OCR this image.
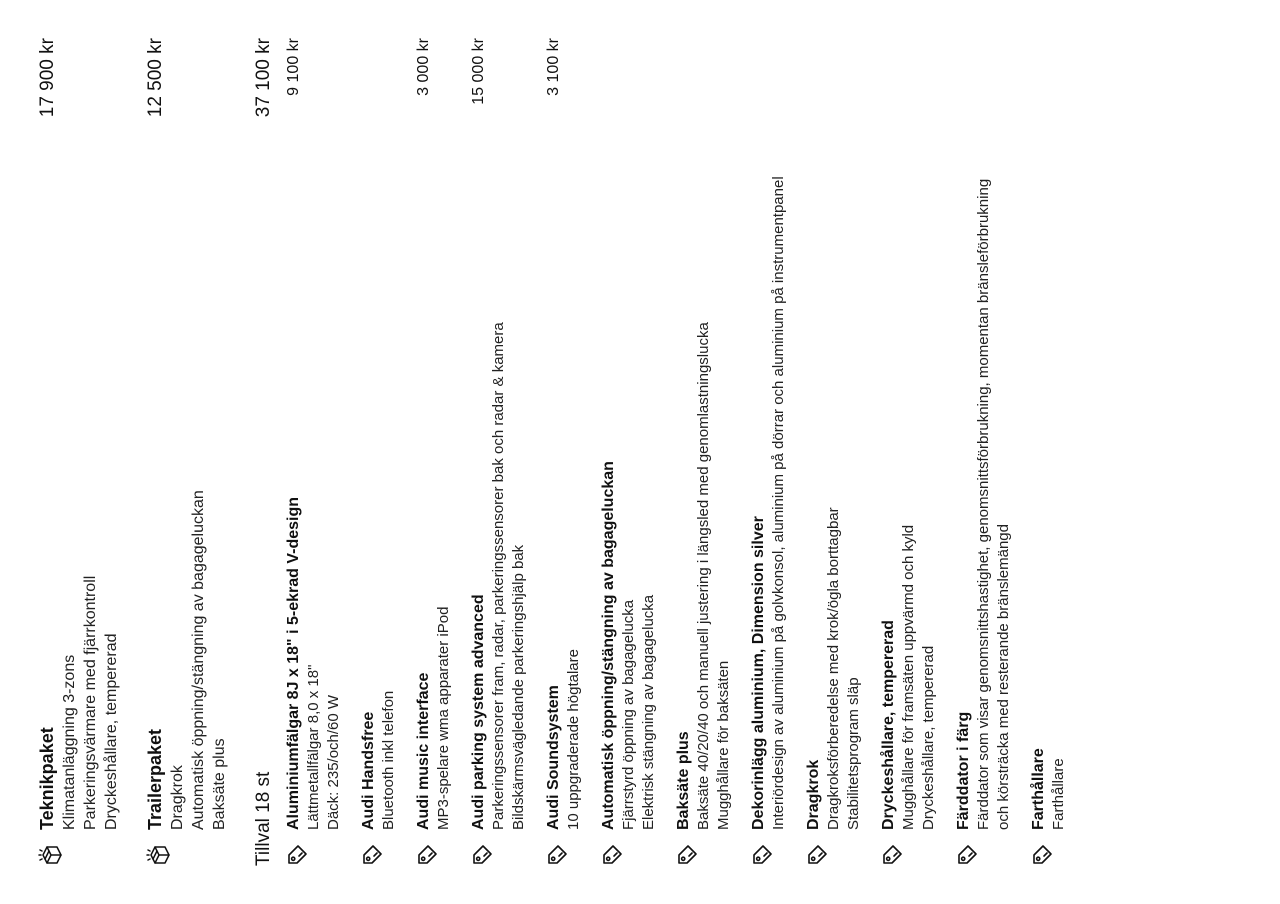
Teknikpaket Klimatanläggning 3-zons Parkeringsvärmare med fjärrkontroll Dryckeshållare, tempererad
17 900 kr
Trailerpaket Dragkrok Automatisk öppning/stängning av bagageluckan Baksäte plus
12 500 kr
Tillval 18 st
37 100 kr
Aluminiumfälgar 8J x 18" i 5-ekrad V-design Lättmetallfälgar 8,0 x 18" Däck: 235/och/60 W
9 100 kr
Audi Handsfree Bluetooth inkl telefon Audi music interface MP3-spelare wma apparater iPod
3 000 kr
Audi parking system advanced Parkeringssensorer fram, radar, parkeringssensorer bak och radar & kamera Bildskärmsvägledande parkeringshjälp bak
15 000 kr
Audi Soundsystem 10 uppgraderade högtalare
3 100 kr
Automatisk öppning/stängning av bagageluckan Fjärrstyrd öppning av bagagelucka Elektrisk stängning av bagagelucka Baksäte plus Baksäte 40/20/40 och manuell justering i längsled med genomlastningslucka Mugghållare för baksäten Dekorinlägg aluminium, Dimension silver Interiördesign av aluminium på golvkonsol, aluminium på dörrar och aluminium på instrumentpanel Dragkrok Dragkroksförberedelse med krok/ögla borttagbar Stabilitetsprogram släp Dryckeshållare, tempererad Mugghållare för framsäten uppvärmd och kyld Dryckeshållare, tempererad Färddator i färg Färddator som visar genomsnittshastighet, genomsnittsförbrukning, momentan bränsleförbrukning och körsträcka med resterande bränslemängd Farthållare Farthållare
